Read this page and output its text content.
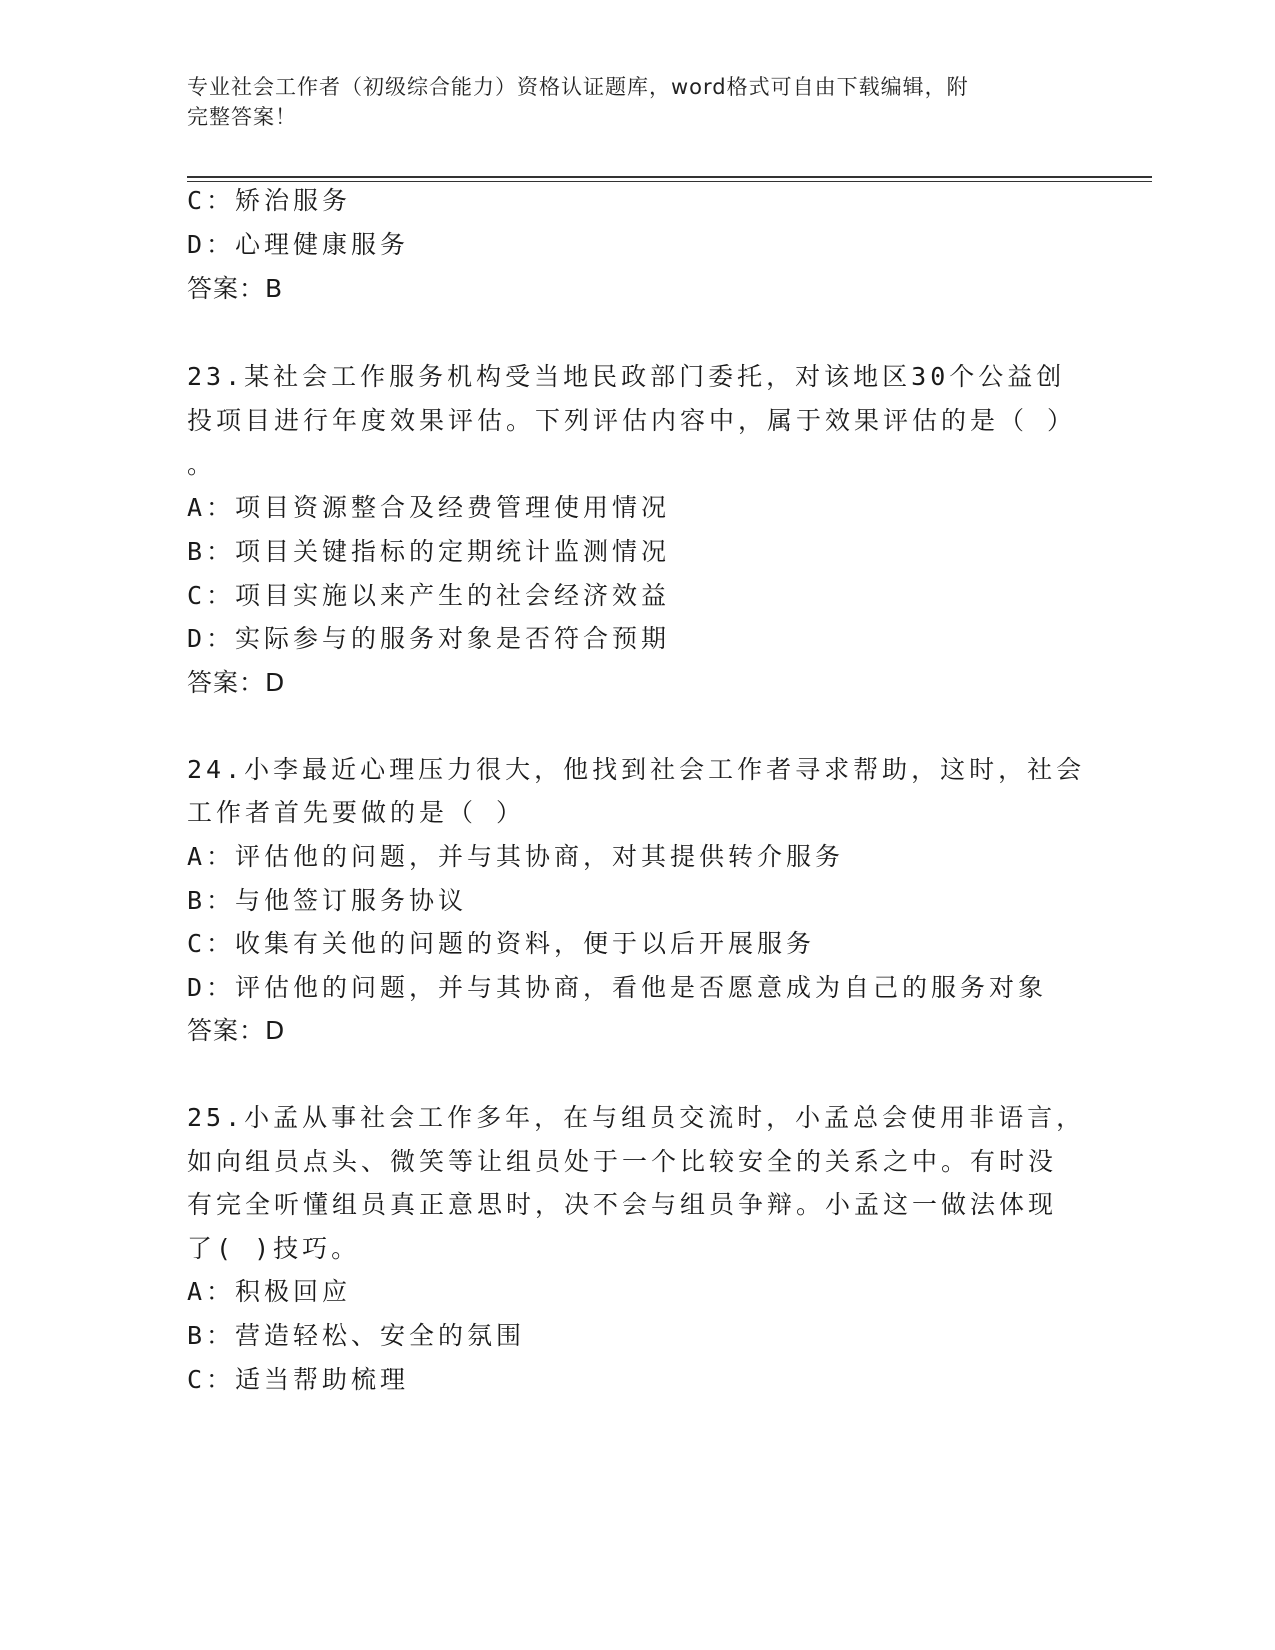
专业社会工作者（初级综合能力）资格认证题库，word格式可自由下载编辑，附
完整答案！
C：矫治服务
D：心理健康服务
答案：B
23.某社会工作服务机构受当地民政部门委托，对该地区30个公益创
投项目进行年度效果评估。下列评估内容中，属于效果评估的是（ ）
。
A：项目资源整合及经费管理使用情况
B：项目关键指标的定期统计监测情况
C：项目实施以来产生的社会经济效益
D：实际参与的服务对象是否符合预期
答案：D
24.小李最近心理压力很大，他找到社会工作者寻求帮助，这时，社会
工作者首先要做的是（ ）
A：评估他的问题，并与其协商，对其提供转介服务
B：与他签订服务协议
C：收集有关他的问题的资料，便于以后开展服务
D：评估他的问题，并与其协商，看他是否愿意成为自己的服务对象
答案：D
25.小孟从事社会工作多年，在与组员交流时，小孟总会使用非语言，
如向组员点头、微笑等让组员处于一个比较安全的关系之中。有时没
有完全听懂组员真正意思时，决不会与组员争辩。小孟这一做法体现
了( )技巧。
A：积极回应
B：营造轻松、安全的氛围
C：适当帮助梳理
